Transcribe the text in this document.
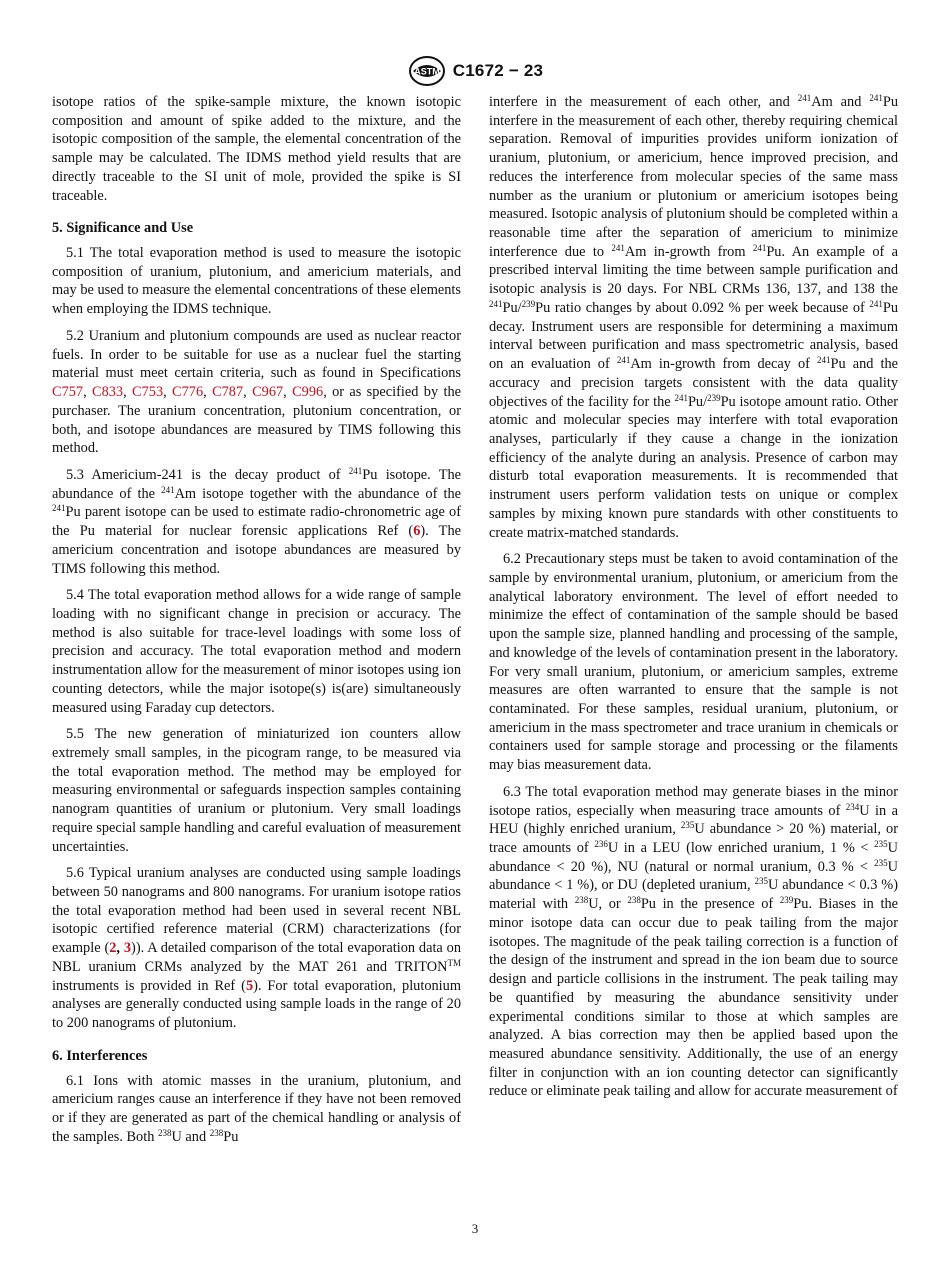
ASTM C1672 − 23

isotope ratios of the spike-sample mixture, the known isotopic composition and amount of spike added to the mixture, and the isotopic composition of the sample, the elemental concentration of the sample may be calculated. The IDMS method yield results that are directly traceable to the SI unit of mole, provided the spike is SI traceable.

5. Significance and Use

5.1 The total evaporation method is used to measure the isotopic composition of uranium, plutonium, and americium materials, and may be used to measure the elemental concentrations of these elements when employing the IDMS technique.

5.2 Uranium and plutonium compounds are used as nuclear reactor fuels. In order to be suitable for use as a nuclear fuel the starting material must meet certain criteria, such as found in Specifications C757, C833, C753, C776, C787, C967, C996, or as specified by the purchaser. The uranium concentration, plutonium concentration, or both, and isotope abundances are measured by TIMS following this method.

5.3 Americium-241 is the decay product of $^{241}$Pu isotope. The abundance of the $^{241}$Am isotope together with the abundance of the $^{241}$Pu parent isotope can be used to estimate radio-chronometric age of the Pu material for nuclear forensic applications Ref (6). The americium concentration and isotope abundances are measured by TIMS following this method.

5.4 The total evaporation method allows for a wide range of sample loading with no significant change in precision or accuracy. The method is also suitable for trace-level loadings with some loss of precision and accuracy. The total evaporation method and modern instrumentation allow for the measurement of minor isotopes using ion counting detectors, while the major isotope(s) is(are) simultaneously measured using Faraday cup detectors.

5.5 The new generation of miniaturized ion counters allow extremely small samples, in the picogram range, to be measured via the total evaporation method. The method may be employed for measuring environmental or safeguards inspection samples containing nanogram quantities of uranium or plutonium. Very small loadings require special sample handling and careful evaluation of measurement uncertainties.

5.6 Typical uranium analyses are conducted using sample loadings between 50 nanograms and 800 nanograms. For uranium isotope ratios the total evaporation method had been used in several recent NBL isotopic certified reference material (CRM) characterizations (for example (2, 3)). A detailed comparison of the total evaporation data on NBL uranium CRMs analyzed by the MAT 261 and TRITON™ instruments is provided in Ref (5). For total evaporation, plutonium analyses are generally conducted using sample loads in the range of 20 to 200 nanograms of plutonium.

6. Interferences

6.1 Ions with atomic masses in the uranium, plutonium, and americium ranges cause an interference if they have not been removed or if they are generated as part of the chemical handling or analysis of the samples. Both $^{238}$U and $^{238}$Pu

interfere in the measurement of each other, and $^{241}$Am and $^{241}$Pu interfere in the measurement of each other, thereby requiring chemical separation. Removal of impurities provides uniform ionization of uranium, plutonium, or americium, hence improved precision, and reduces the interference from molecular species of the same mass number as the uranium or plutonium or americium isotopes being measured. Isotopic analysis of plutonium should be completed within a reasonable time after the separation of americium to minimize interference due to $^{241}$Am in-growth from $^{241}$Pu. An example of a prescribed interval limiting the time between sample purification and isotopic analysis is 20 days. For NBL CRMs 136, 137, and 138 the $^{241}$Pu/$^{239}$Pu ratio changes by about 0.092 % per week because of $^{241}$Pu decay. Instrument users are responsible for determining a maximum interval between purification and mass spectrometric analysis, based on an evaluation of $^{241}$Am in-growth from decay of $^{241}$Pu and the accuracy and precision targets consistent with the data quality objectives of the facility for the $^{241}$Pu/$^{239}$Pu isotope amount ratio. Other atomic and molecular species may interfere with total evaporation analyses, particularly if they cause a change in the ionization efficiency of the analyte during an analysis. Presence of carbon may disturb total evaporation measurements. It is recommended that instrument users perform validation tests on unique or complex samples by mixing known pure standards with other constituents to create matrix-matched standards.

6.2 Precautionary steps must be taken to avoid contamination of the sample by environmental uranium, plutonium, or americium from the analytical laboratory environment. The level of effort needed to minimize the effect of contamination of the sample should be based upon the sample size, planned handling and processing of the sample, and knowledge of the levels of contamination present in the laboratory. For very small uranium, plutonium, or americium samples, extreme measures are often warranted to ensure that the sample is not contaminated. For these samples, residual uranium, plutonium, or americium in the mass spectrometer and trace uranium in chemicals or containers used for sample storage and processing or the filaments may bias measurement data.

6.3 The total evaporation method may generate biases in the minor isotope ratios, especially when measuring trace amounts of $^{234}$U in a HEU (highly enriched uranium, $^{235}$U abundance > 20 %) material, or trace amounts of $^{236}$U in a LEU (low enriched uranium, 1 % < $^{235}$U abundance < 20 %), NU (natural or normal uranium, 0.3 % < $^{235}$U abundance < 1 %), or DU (depleted uranium, $^{235}$U abundance < 0.3 %) material with $^{238}$U, or $^{238}$Pu in the presence of $^{239}$Pu. Biases in the minor isotope data can occur due to peak tailing from the major isotopes. The magnitude of the peak tailing correction is a function of the design of the instrument and spread in the ion beam due to source design and particle collisions in the instrument. The peak tailing may be quantified by measuring the abundance sensitivity under experimental conditions similar to those at which samples are analyzed. A bias correction may then be applied based upon the measured abundance sensitivity. Additionally, the use of an energy filter in conjunction with an ion counting detector can significantly reduce or eliminate peak tailing and allow for accurate measurement of

3
